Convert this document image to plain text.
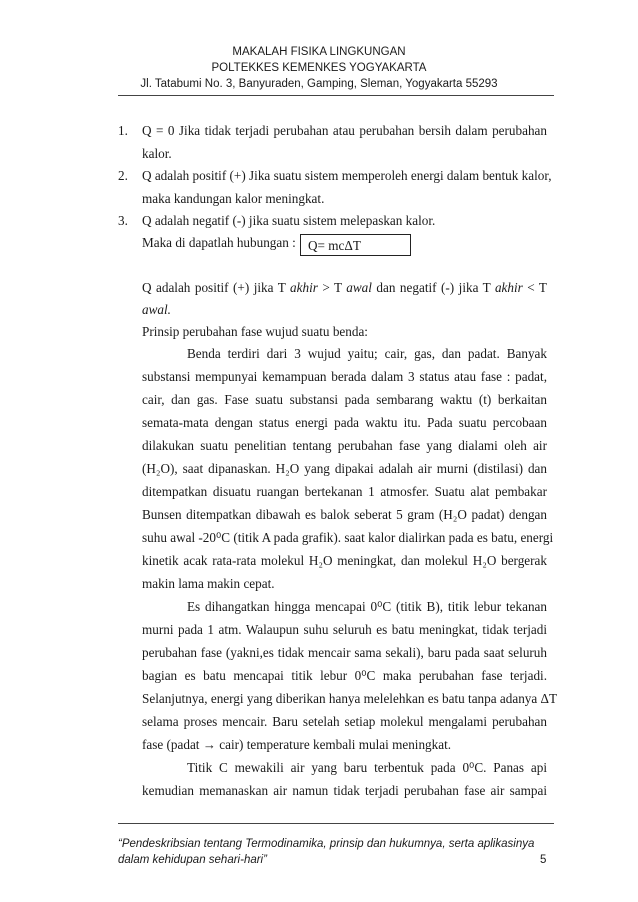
MAKALAH FISIKA LINGKUNGAN
POLTEKKES KEMENKES YOGYAKARTA
Jl. Tatabumi No. 3, Banyuraden, Gamping, Sleman, Yogyakarta 55293
1. Q = 0 Jika tidak terjadi perubahan atau perubahan bersih dalam perubahan
kalor.
2. Q adalah positif (+) Jika suatu sistem memperoleh energi dalam bentuk kalor,
maka kandungan kalor meningkat.
3. Q adalah negatif (-) jika suatu sistem melepaskan kalor.
Maka di dapatlah hubungan : Q= mcΔT
Q adalah positif (+) jika T akhir > T awal dan negatif (-) jika T akhir < T
awal.
Prinsip perubahan fase wujud suatu benda:
Benda terdiri dari 3 wujud yaitu; cair, gas, dan padat. Banyak
substansi mempunyai kemampuan berada dalam 3 status atau fase : padat,
cair, dan gas. Fase suatu substansi pada sembarang waktu (t) berkaitan
semata-mata dengan status energi pada waktu itu. Pada suatu percobaan
dilakukan suatu penelitian tentang perubahan fase yang dialami oleh air
(H₂O), saat dipanaskan. H₂O yang dipakai adalah air murni (distilasi) dan
ditempatkan disuatu ruangan bertekanan 1 atmosfer. Suatu alat pembakar
Bunsen ditempatkan dibawah es balok seberat 5 gram (H₂O padat) dengan
suhu awal -20⁰C (titik A pada grafik). saat kalor dialirkan pada es batu, energi
kinetik acak rata-rata molekul H₂O meningkat, dan molekul H₂O bergerak
makin lama makin cepat.
Es dihangatkan hingga mencapai 0⁰C (titik B), titik lebur tekanan
murni pada 1 atm. Walaupun suhu seluruh es batu meningkat, tidak terjadi
perubahan fase (yakni,es tidak mencair sama sekali), baru pada saat seluruh
bagian es batu mencapai titik lebur 0⁰C maka perubahan fase terjadi.
Selanjutnya, energi yang diberikan hanya melelehkan es batu tanpa adanya ΔT
selama proses mencair. Baru setelah setiap molekul mengalami perubahan
fase (padat → cair) temperature kembali mulai meningkat.
Titik C mewakili air yang baru terbentuk pada 0⁰C. Panas api
kemudian memanaskan air namun tidak terjadi perubahan fase air sampai
“Pendeskribsian tentang Termodinamika, prinsip dan hukumnya, serta aplikasinya
dalam kehidupan sehari-hari”	5
